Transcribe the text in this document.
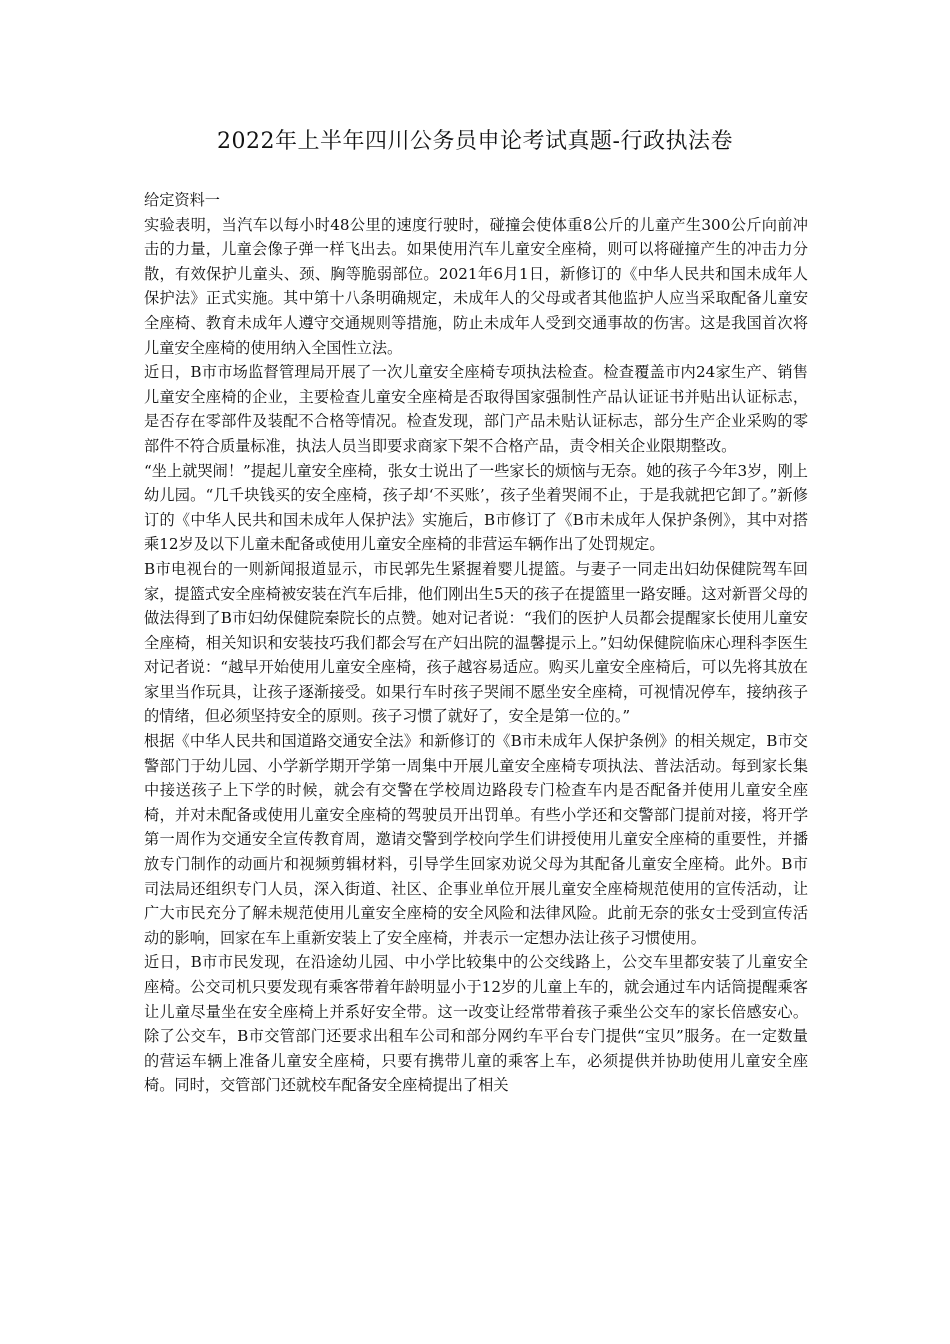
2022年上半年四川公务员申论考试真题-行政执法卷

给定资料一

实验表明，当汽车以每小时48公里的速度行驶时，碰撞会使体重8公斤的儿童产生300公斤向前冲击的力量，儿童会像子弹一样飞出去。如果使用汽车儿童安全座椅，则可以将碰撞产生的冲击力分散，有效保护儿童头、颈、胸等脆弱部位。2021年6月1日，新修订的《中华人民共和国未成年人保护法》正式实施。其中第十八条明确规定，未成年人的父母或者其他监护人应当采取配备儿童安全座椅、教育未成年人遵守交通规则等措施，防止未成年人受到交通事故的伤害。这是我国首次将儿童安全座椅的使用纳入全国性立法。

近日，B市市场监督管理局开展了一次儿童安全座椅专项执法检查。检查覆盖市内24家生产、销售儿童安全座椅的企业，主要检查儿童安全座椅是否取得国家强制性产品认证证书并贴出认证标志，是否存在零部件及装配不合格等情况。检查发现，部门产品未贴认证标志，部分生产企业采购的零部件不符合质量标准，执法人员当即要求商家下架不合格产品，责令相关企业限期整改。

“坐上就哭闹！”提起儿童安全座椅，张女士说出了一些家长的烦恼与无奈。她的孩子今年3岁，刚上幼儿园。“几千块钱买的安全座椅，孩子却‘不买账’，孩子坐着哭闹不止，于是我就把它卸了。”新修订的《中华人民共和国未成年人保护法》实施后，B市修订了《B市未成年人保护条例》，其中对搭乘12岁及以下儿童未配备或使用儿童安全座椅的非营运车辆作出了处罚规定。

B市电视台的一则新闻报道显示，市民郭先生紧握着婴儿提篮。与妻子一同走出妇幼保健院驾车回家，提篮式安全座椅被安装在汽车后排，他们刚出生5天的孩子在提篮里一路安睡。这对新晋父母的做法得到了B市妇幼保健院秦院长的点赞。她对记者说：“我们的医护人员都会提醒家长使用儿童安全座椅，相关知识和安装技巧我们都会写在产妇出院的温馨提示上。”妇幼保健院临床心理科李医生对记者说：“越早开始使用儿童安全座椅，孩子越容易适应。购买儿童安全座椅后，可以先将其放在家里当作玩具，让孩子逐渐接受。如果行车时孩子哭闹不愿坐安全座椅，可视情况停车，接纳孩子的情绪，但必须坚持安全的原则。孩子习惯了就好了，安全是第一位的。”

根据《中华人民共和国道路交通安全法》和新修订的《B市未成年人保护条例》的相关规定，B市交警部门于幼儿园、小学新学期开学第一周集中开展儿童安全座椅专项执法、普法活动。每到家长集中接送孩子上下学的时候，就会有交警在学校周边路段专门检查车内是否配备并使用儿童安全座椅，并对未配备或使用儿童安全座椅的驾驶员开出罚单。有些小学还和交警部门提前对接，将开学第一周作为交通安全宣传教育周，邀请交警到学校向学生们讲授使用儿童安全座椅的重要性，并播放专门制作的动画片和视频剪辑材料，引导学生回家劝说父母为其配备儿童安全座椅。此外。B市司法局还组织专门人员，深入街道、社区、企事业单位开展儿童安全座椅规范使用的宣传活动，让广大市民充分了解未规范使用儿童安全座椅的安全风险和法律风险。此前无奈的张女士受到宣传活动的影响，回家在车上重新安装上了安全座椅，并表示一定想办法让孩子习惯使用。

近日，B市市民发现，在沿途幼儿园、中小学比较集中的公交线路上，公交车里都安装了儿童安全座椅。公交司机只要发现有乘客带着年龄明显小于12岁的儿童上车的，就会通过车内话筒提醒乘客让儿童尽量坐在安全座椅上并系好安全带。这一改变让经常带着孩子乘坐公交车的家长倍感安心。除了公交车，B市交管部门还要求出租车公司和部分网约车平台专门提供“宝贝”服务。在一定数量的营运车辆上准备儿童安全座椅，只要有携带儿童的乘客上车，必须提供并协助使用儿童安全座椅。同时，交管部门还就校车配备安全座椅提出了相关
